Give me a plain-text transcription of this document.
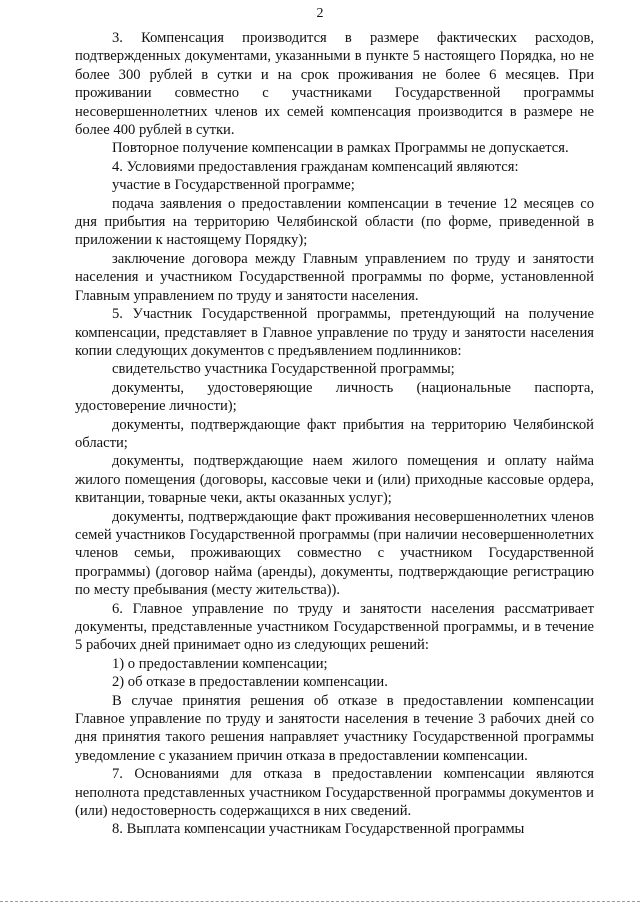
2

3. Компенсация производится в размере фактических расходов, подтвержденных документами, указанными в пункте 5 настоящего Порядка, но не более 300 рублей в сутки и на срок проживания не более 6 месяцев. При проживании совместно с участниками Государственной программы несовершеннолетних членов их семей компенсация производится в размере не более 400 рублей в сутки.

Повторное получение компенсации в рамках Программы не допускается.

4. Условиями предоставления гражданам компенсаций являются:

участие в Государственной программе;

подача заявления о предоставлении компенсации в течение 12 месяцев со дня прибытия на территорию Челябинской области (по форме, приведенной в приложении к настоящему Порядку);

заключение договора между Главным управлением по труду и занятости населения и участником Государственной программы по форме, установленной Главным управлением по труду и занятости населения.

5. Участник Государственной программы, претендующий на получение компенсации, представляет в Главное управление по труду и занятости населения копии следующих документов с предъявлением подлинников:

свидетельство участника Государственной программы;

документы, удостоверяющие личность (национальные паспорта, удостоверение личности);

документы, подтверждающие факт прибытия на территорию Челябинской области;

документы, подтверждающие наем жилого помещения и оплату найма жилого помещения (договоры, кассовые чеки и (или) приходные кассовые ордера, квитанции, товарные чеки, акты оказанных услуг);

документы, подтверждающие факт проживания несовершеннолетних членов семей участников Государственной программы (при наличии несовершеннолетних членов семьи, проживающих совместно с участником Государственной программы) (договор найма (аренды), документы, подтверждающие регистрацию по месту пребывания (месту жительства)).

6. Главное управление по труду и занятости населения рассматривает документы, представленные участником Государственной программы, и в течение 5 рабочих дней принимает одно из следующих решений:

1) о предоставлении компенсации;

2) об отказе в предоставлении компенсации.

В случае принятия решения об отказе в предоставлении компенсации Главное управление по труду и занятости населения в течение 3 рабочих дней со дня принятия такого решения направляет участнику Государственной программы уведомление с указанием причин отказа в предоставлении компенсации.

7. Основаниями для отказа в предоставлении компенсации являются неполнота представленных участником Государственной программы документов и (или) недостоверность содержащихся в них сведений.

8. Выплата компенсации участникам Государственной программы
